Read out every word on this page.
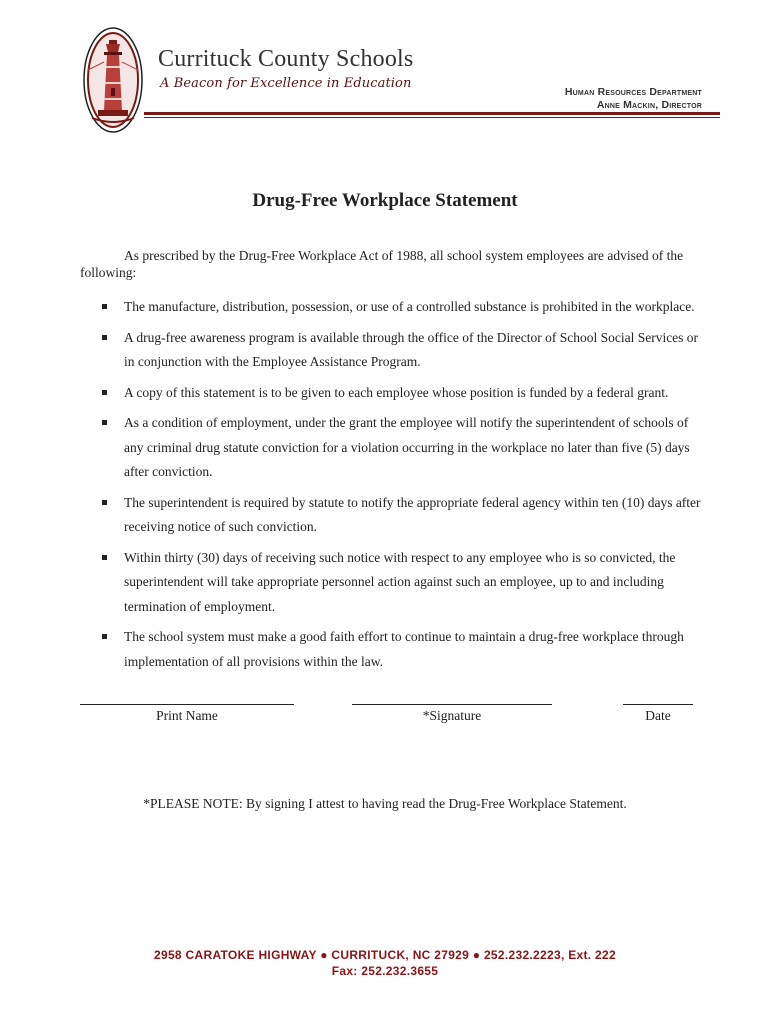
Currituck County Schools
A Beacon for Excellence in Education
Human Resources Department
Anne Mackin, Director
Drug-Free Workplace Statement

As prescribed by the Drug-Free Workplace Act of 1988, all school system employees are advised of the following:

The manufacture, distribution, possession, or use of a controlled substance is prohibited in the workplace.
A drug-free awareness program is available through the office of the Director of School Social Services or in conjunction with the Employee Assistance Program.
A copy of this statement is to be given to each employee whose position is funded by a federal grant.
As a condition of employment, under the grant the employee will notify the superintendent of schools of any criminal drug statute conviction for a violation occurring in the workplace no later than five (5) days after conviction.
The superintendent is required by statute to notify the appropriate federal agency within ten (10) days after receiving notice of such conviction.
Within thirty (30) days of receiving such notice with respect to any employee who is so convicted, the superintendent will take appropriate personnel action against such an employee, up to and including termination of employment.
The school system must make a good faith effort to continue to maintain a drug-free workplace through implementation of all provisions within the law.
Print Name	*Signature	Date
*PLEASE NOTE: By signing I attest to having read the Drug-Free Workplace Statement.
2958 CARATOKE HIGHWAY ● CURRITUCK, NC 27929 ● 252.232.2223, Ext. 222
Fax: 252.232.3655
